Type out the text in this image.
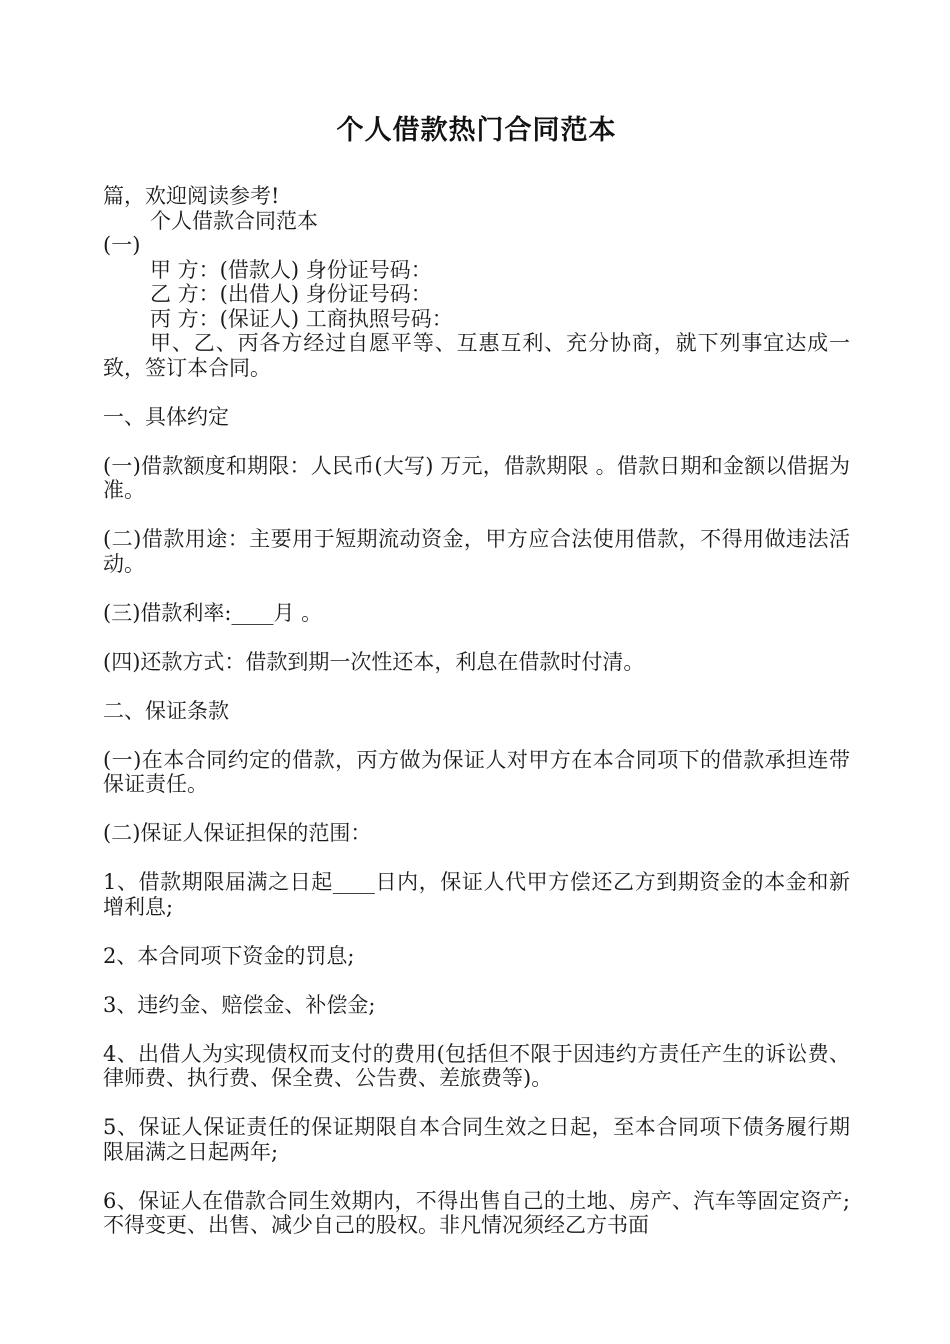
个人借款热门合同范本

篇，欢迎阅读参考!

个人借款合同范本

(一)

甲 方：(借款人) 身份证号码：

乙 方：(出借人) 身份证号码：

丙 方：(保证人) 工商执照号码：

甲、乙、丙各方经过自愿平等、互惠互利、充分协商，就下列事宜达成一致，签订本合同。

一、具体约定

(一)借款额度和期限：人民币(大写) 万元，借款期限 。借款日期和金额以借据为准。

(二)借款用途：主要用于短期流动资金，甲方应合法使用借款，不得用做违法活动。

(三)借款利率:____月 。

(四)还款方式：借款到期一次性还本，利息在借款时付清。

二、保证条款

(一)在本合同约定的借款，丙方做为保证人对甲方在本合同项下的借款承担连带保证责任。

(二)保证人保证担保的范围：

1、借款期限届满之日起____日内，保证人代甲方偿还乙方到期资金的本金和新增利息;

2、本合同项下资金的罚息;

3、违约金、赔偿金、补偿金;

4、出借人为实现债权而支付的费用(包括但不限于因违约方责任产生的诉讼费、律师费、执行费、保全费、公告费、差旅费等)。

5、保证人保证责任的保证期限自本合同生效之日起，至本合同项下债务履行期限届满之日起两年;

6、保证人在借款合同生效期内，不得出售自己的土地、房产、汽车等固定资产;不得变更、出售、减少自己的股权。非凡情况须经乙方书面
